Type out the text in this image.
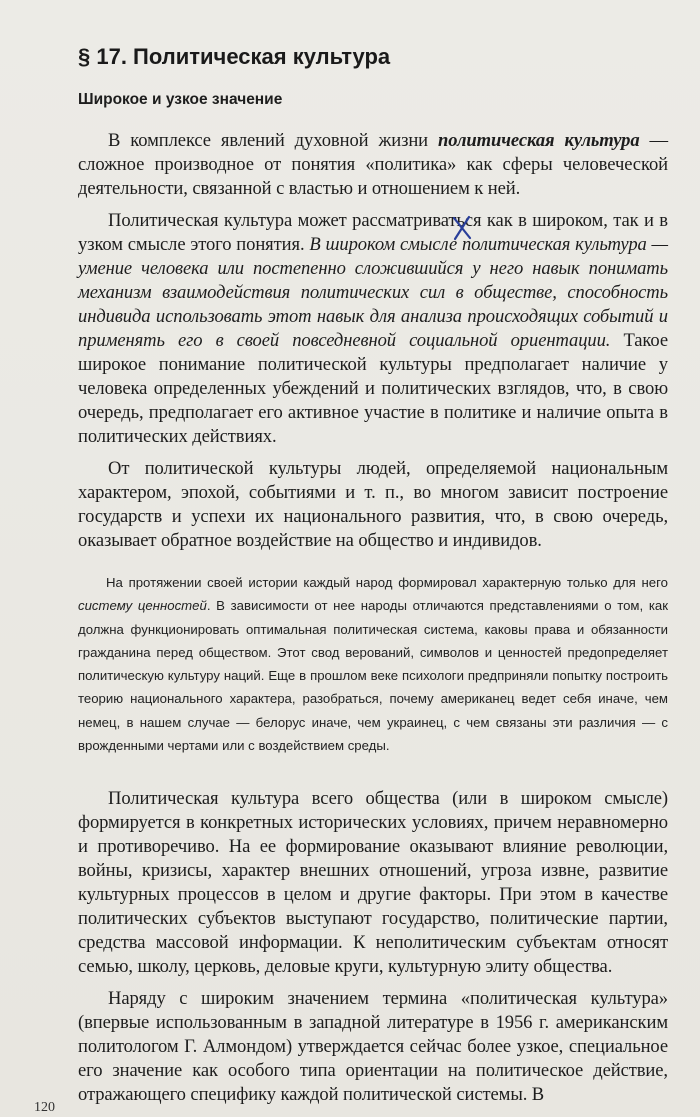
§ 17. Политическая культура
Широкое и узкое значение

В комплексе явлений духовной жизни политическая культура — сложное производное от понятия «политика» как сферы человеческой деятельности, связанной с властью и отношением к ней.

Политическая культура может рассматриваться как в широком, так и в узком смысле этого понятия. В широком смысле политическая культура — умение человека или постепенно сложившийся у него навык понимать механизм взаимодействия политических сил в обществе, способность индивида использовать этот навык для анализа происходящих событий и применять его в своей повседневной социальной ориентации. Такое широкое понимание политической культуры предполагает наличие у человека определенных убеждений и политических взглядов, что, в свою очередь, предполагает его активное участие в политике и наличие опыта в политических действиях.

От политической культуры людей, определяемой национальным характером, эпохой, событиями и т. п., во многом зависит построение государств и успехи их национального развития, что, в свою очередь, оказывает обратное воздействие на общество и индивидов.

На протяжении своей истории каждый народ формировал характерную только для него систему ценностей. В зависимости от нее народы отличаются представлениями о том, как должна функционировать оптимальная политическая система, каковы права и обязанности гражданина перед обществом. Этот свод верований, символов и ценностей предопределяет политическую культуру наций. Еще в прошлом веке психологи предприняли попытку построить теорию национального характера, разобраться, почему американец ведет себя иначе, чем немец, в нашем случае — белорус иначе, чем украинец, с чем связаны эти различия — с врожденными чертами или с воздействием среды.

Политическая культура всего общества (или в широком смысле) формируется в конкретных исторических условиях, причем неравномерно и противоречиво. На ее формирование оказывают влияние революции, войны, кризисы, характер внешних отношений, угроза извне, развитие культурных процессов в целом и другие факторы. При этом в качестве политических субъектов выступают государство, политические партии, средства массовой информации. К неполитическим субъектам относят семью, школу, церковь, деловые круги, культурную элиту общества.

Наряду с широким значением термина «политическая культура» (впервые использованным в западной литературе в 1956 г. американским политологом Г. Алмондом) утверждается сейчас более узкое, специальное его значение как особого типа ориентации на политическое действие, отражающего специфику каждой политической системы. В

120
